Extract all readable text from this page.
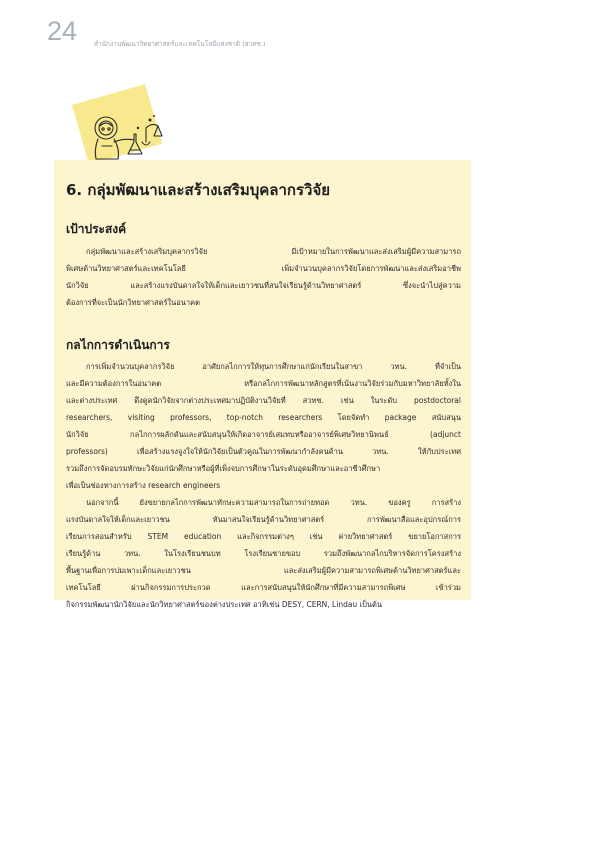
24	สำนักงานพัฒนาวิทยาศาสตร์และเทคโนโลยีแห่งชาติ (สวทช.)
6. กลุ่มพัฒนาและสร้างเสริมบุคลากรวิจัย
เป้าประสงค์
กลุ่มพัฒนาและสร้างเสริมบุคลากรวิจัย มีเป้าหมายในการพัฒนาและส่งเสริมผู้มีความสามารถ
พิเศษด้านวิทยาศาสตร์และเทคโนโลยี เพิ่มจำนวนบุคลากรวิจัยโดยการพัฒนาและส่งเสริมอาชีพ
นักวิจัย และสร้างแรงบันดาลใจให้เด็กและเยาวชนที่สนใจเรียนรู้ด้านวิทยาศาสตร์ ซึ่งจะนำไปสู่ความ
ต้องการที่จะเป็นนักวิทยาศาสตร์ในอนาคต
กลไกการดำเนินการ
การเพิ่มจำนวนบุคลากรวิจัย อาศัยกลไกการให้ทุนการศึกษาแก่นักเรียนในสาขา วทน. ที่จำเป็น
และมีความต้องการในอนาคต หรือกลไกการพัฒนาหลักสูตรที่เน้นงานวิจัยร่วมกับมหาวิทยาลัยทั้งใน
และต่างประเทศ ดึงดูดนักวิจัยจากต่างประเทศมาปฏิบัติงานวิจัยที่ สวทช. เช่น ในระดับ postdoctoral
researchers, visiting professors, top-notch researchers โดยจัดทำ package สนับสนุน
นักวิจัย กลไกการผลักดันและสนับสนุนให้เกิดอาจารย์เสมทบหรืออาจารย์พิเศษวิทยานิพนธ์ (adjunct
professors) เพื่อสร้างแรงจูงใจให้นักวิจัยเป็นตัวคูณในการพัฒนากำลังคนด้าน วทน. ให้กับประเทศ
รวมถึงการจัดอบรมทักษะวิจัยแก่นักศึกษาหรือผู้ที่เพิ่งจบการศึกษาในระดับอุดมศึกษาและอาชีวศึกษา
เพื่อเป็นช่องทางการสร้าง research engineers
นอกจากนี้ ยังขยายกลไกการพัฒนาทักษะความสามารถในการถ่ายทอด วทน. ของครู การสร้าง
แรงบันดาลใจให้เด็กและเยาวชน หันมาสนใจเรียนรู้ด้านวิทยาศาสตร์ การพัฒนาสื่อและอุปกรณ์การ
เรียนการสอนสำหรับ STEM education และกิจกรรมต่างๆ เช่น ค่ายวิทยาศาสตร์ ขยายโอกาสการ
เรียนรู้ด้าน วทน. ในโรงเรียนชนบท โรงเรียนชายขอบ รวมถึงพัฒนากลไกบริหารจัดการโครงสร้าง
พื้นฐานเพื่อการบ่มเพาะเด็กและเยาวชน และส่งเสริมผู้มีความสามารถพิเศษด้านวิทยาศาสตร์และ
เทคโนโลยี ผ่านกิจกรรมการประกวด และการสนับสนุนให้นักศึกษาที่มีความสามารถพิเศษ เข้าร่วม
กิจกรรมพัฒนานักวิจัยและนักวิทยาศาสตร์ของต่างประเทศ อาทิเช่น DESY, CERN, Lindau เป็นต้น
